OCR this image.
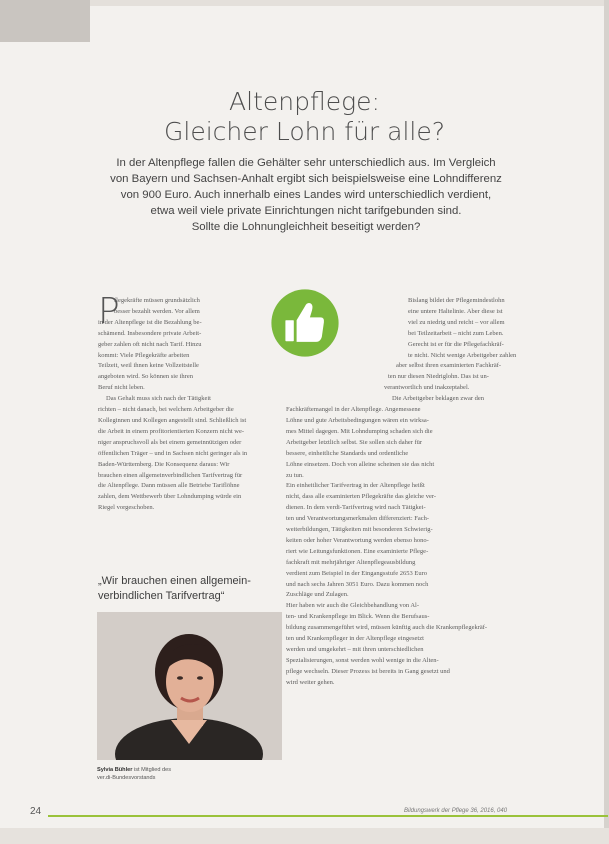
Altenpflege:
Gleicher Lohn für alle?
In der Altenpflege fallen die Gehälter sehr unterschiedlich aus. Im Vergleich
von Bayern und Sachsen-Anhalt ergibt sich beispielsweise eine Lohndifferenz
von 900 Euro. Auch innerhalb eines Landes wird unterschiedlich verdient,
etwa weil viele private Einrichtungen nicht tarifgebunden sind.
Sollte die Lohnungleichheit beseitigt werden?
P
flegekräfte müssen grundsätzlich
besser bezahlt werden. Vor allem
in der Altenpflege ist die Bezahlung be-
schämend. Insbesondere private Arbeit-
geber zahlen oft nicht nach Tarif. Hinzu
kommt: Viele Pflegekräfte arbeiten
Teilzeit, weil ihnen keine Vollzeitstelle
angeboten wird. So können sie ihren
Beruf nicht leben.
Das Gehalt muss sich nach der Tätigkeit
richten – nicht danach, bei welchem Arbeitgeber die
Kolleginnen und Kollegen angestellt sind. Schließlich ist
die Arbeit in einem profitorientierten Konzern nicht we-
niger anspruchsvoll als bei einem gemeinnützigen oder
öffentlichen Träger – und in Sachsen nicht geringer als in
Baden-Württemberg. Die Konsequenz daraus: Wir
brauchen einen allgemeinverbindlichen Tarifvertrag für
die Altenpflege. Dann müssen alle Betriebe Tariflöhne
zahlen, dem Wettbewerb über Lohndumping würde ein
Riegel vorgeschoben.
Bislang bildet der Pflegemindestlohn
eine untere Haltelinie. Aber diese ist
viel zu niedrig und reicht – vor allem
bei Teilzeitarbeit – nicht zum Leben.
Gerecht ist er für die Pflegefachkräf-
te nicht. Nicht wenige Arbeitgeber zahlen
aber selbst ihren examinierten Fachkräf-
ten nur diesen Niedriglohn. Das ist un-
verantwortlich und inakzeptabel.
Die Arbeitgeber beklagen zwar den
Fachkräftemangel in der Altenpflege. Angemessene
Löhne und gute Arbeitsbedingungen wären ein wirksa-
mes Mittel dagegen. Mit Lohndumping schaden sich die
Arbeitgeber letztlich selbst. Sie sollen sich daher für
bessere, einheitliche Standards und ordentliche
Löhne einsetzen. Doch von alleine scheinen sie das nicht
zu tun.
Ein einheitlicher Tarifvertrag in der Altenpflege heißt
nicht, dass alle examinierten Pflegekräfte das gleiche ver-
dienen. In dem verdi-Tarifvertrag wird nach Tätigkei-
ten und Verantwortungsmerkmalen differenziert: Fach-
weiterbildungen, Tätigkeiten mit besonderen Schwierig-
keiten oder hoher Verantwortung werden ebenso hono-
riert wie Leitungsfunktionen. Eine examinierte Pflege-
fachkraft mit mehrjähriger Altenpflegeausbildung
verdient zum Beispiel in der Eingangsstufe 2653 Euro
und nach sechs Jahren 3051 Euro. Dazu kommen noch
Zuschläge und Zulagen.
Hier haben wir auch die Gleichbehandlung von Al-
ten- und Krankenpflege im Blick. Wenn die Berufsaus-
bildung zusammengeführt wird, müssen künftig auch die Krankenpflegekräf-
ten und Krankenpfleger in der Altenpflege eingesetzt
werden und umgekehrt – mit ihren unterschiedlichen
Spezialisierungen, sonst werden wohl wenige in die Alten-
pflege wechseln. Dieser Prozess ist bereits in Gang gesetzt und
wird weiter gehen.
„Wir brauchen einen allgemein-
verbindlichen Tarifvertrag“
Sylvia Bühler ist Mitglied des
ver.di-Bundesvorstands
24	Bildungswerk der Pflege 36, 2016, 040
